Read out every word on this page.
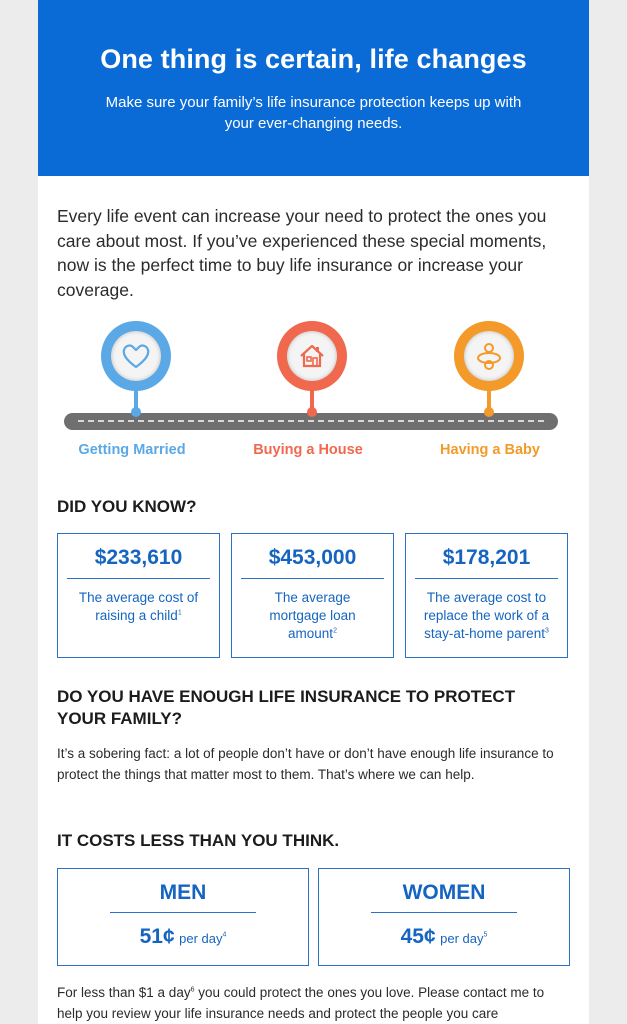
One thing is certain, life changes
Make sure your family’s life insurance protection keeps up with your ever-changing needs.
Every life event can increase your need to protect the ones you care about most. If you’ve experienced these special moments, now is the perfect time to buy life insurance or increase your coverage.
Getting Married	Buying a House	Having a Baby
DID YOU KNOW?
$233,610
The average cost of raising a child$^1$
$453,000
The average mortgage loan amount$^2$
$178,201
The average cost to replace the work of a stay-at-home parent$^3$
DO YOU HAVE ENOUGH LIFE INSURANCE TO PROTECT YOUR FAMILY?
It’s a sobering fact: a lot of people don’t have or don’t have enough life insurance to protect the things that matter most to them. That’s where we can help.
IT COSTS LESS THAN YOU THINK.
MEN
51¢ per day$^4$
WOMEN
45¢ per day$^5$
For less than $1 a day$^6$ you could protect the ones you love. Please contact me to help you review your life insurance needs and protect the people you care
